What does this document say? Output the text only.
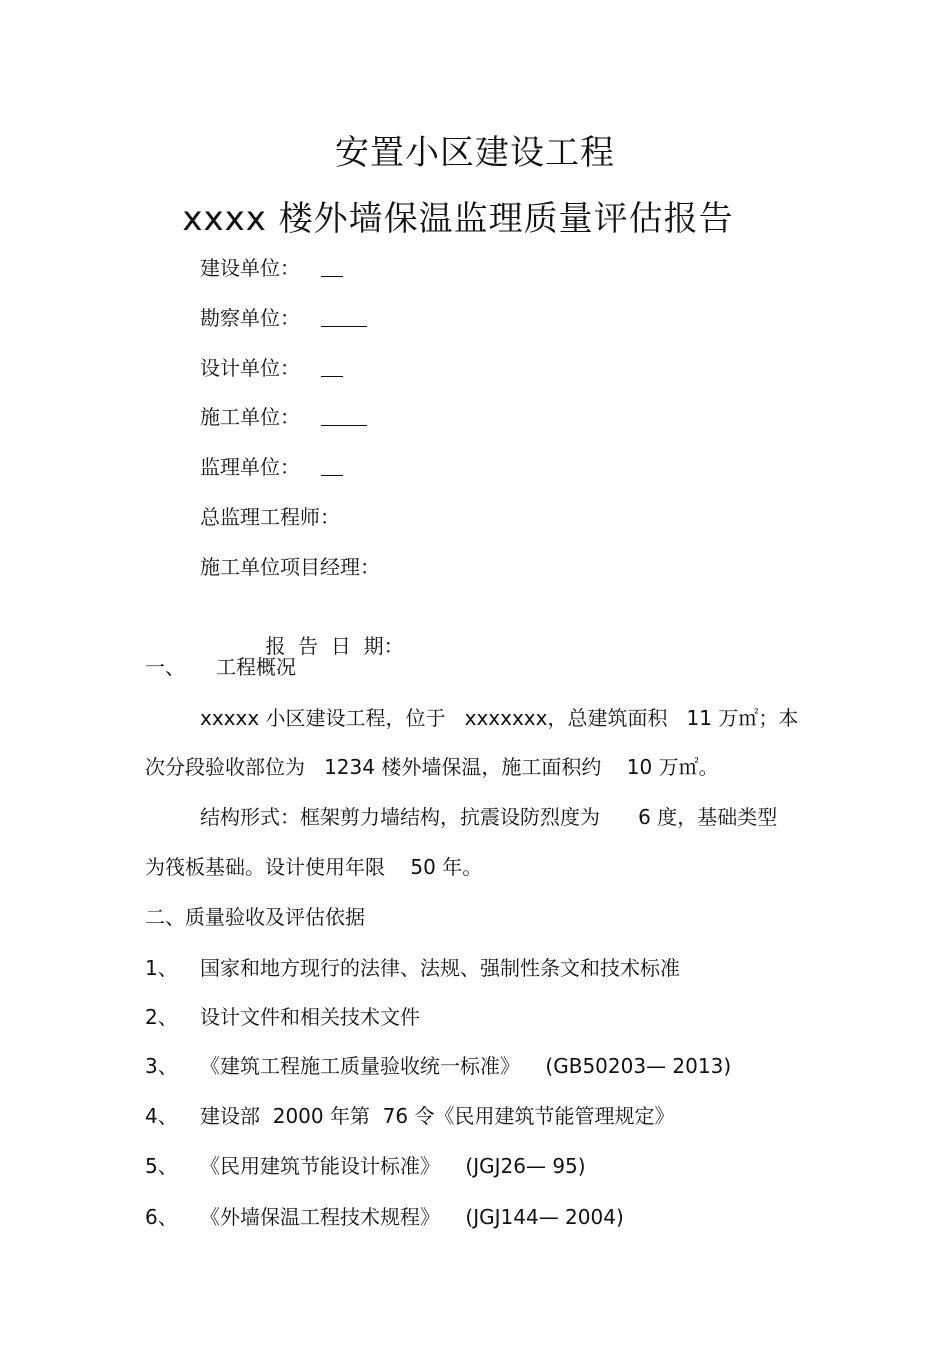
安置小区建设工程
xxxx 楼外墙保温监理质量评估报告
建设单位：
勘察单位：
设计单位：
施工单位：
监理单位：
总监理工程师：
施工单位项目经理：

报  告  日  期：

一、 工程概况
xxxxx 小区建设工程，位于   xxxxxxx，总建筑面积   11 万㎡；本
次分段验收部位为   1234 楼外墙保温，施工面积约    10 万㎡。
结构形式：框架剪力墙结构，抗震设防烈度为      6 度，基础类型
为筏板基础。设计使用年限    50 年。
二、质量验收及评估依据
1、 国家和地方现行的法律、法规、强制性条文和技术标准
2、 设计文件和相关技术文件
3、 《建筑工程施工质量验收统一标准》    (GB50203— 2013)
4、 建设部  2000 年第  76 令《民用建筑节能管理规定》
5、 《民用建筑节能设计标准》    (JGJ26— 95)
6、 《外墙保温工程技术规程》    (JGJ144— 2004)
